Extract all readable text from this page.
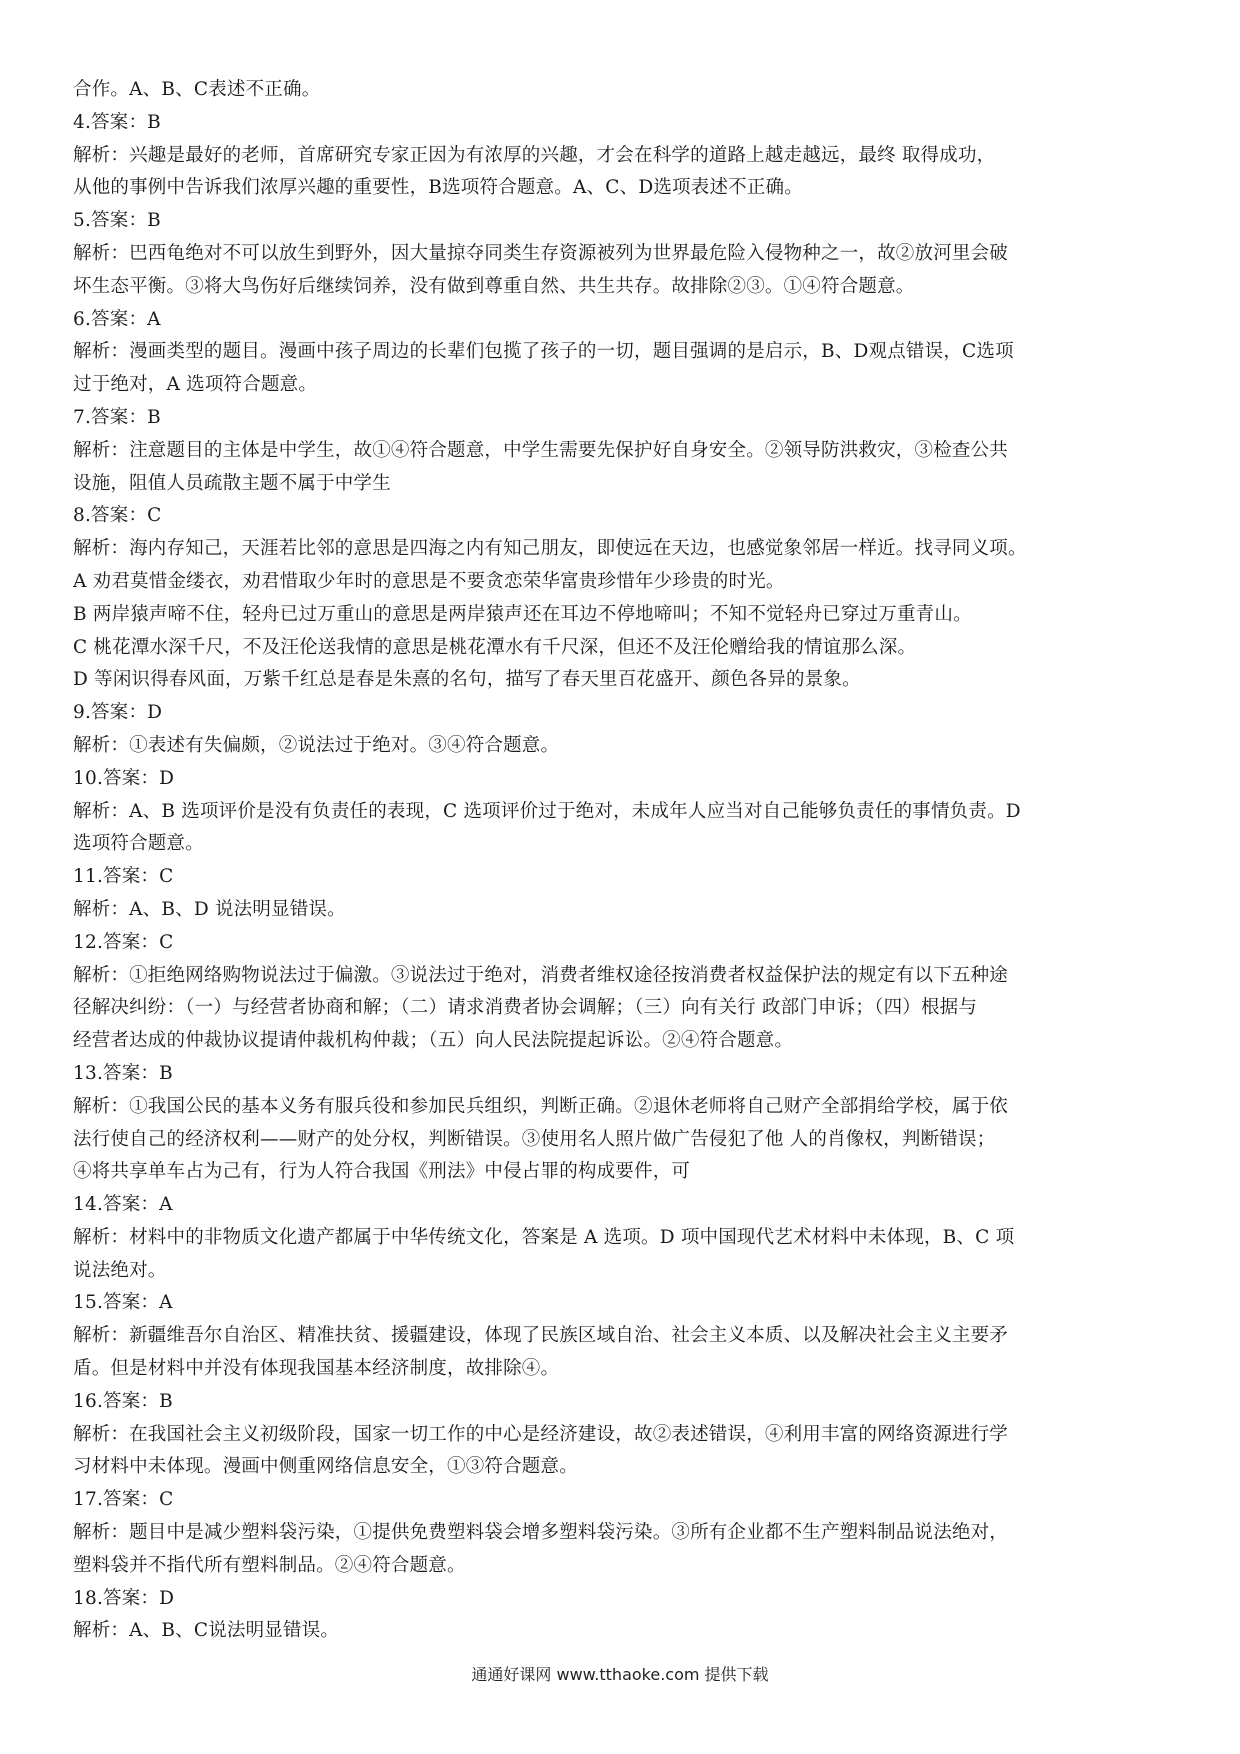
合作。A、B、C表述不正确。
4.答案：B
解析：兴趣是最好的老师，首席研究专家正因为有浓厚的兴趣，才会在科学的道路上越走越远，最终 取得成功，
从他的事例中告诉我们浓厚兴趣的重要性，B选项符合题意。A、C、D选项表述不正确。
5.答案：B
解析：巴西龟绝对不可以放生到野外，因大量掠夺同类生存资源被列为世界最危险入侵物种之一，故②放河里会破
坏生态平衡。③将大鸟伤好后继续饲养，没有做到尊重自然、共生共存。故排除②③。①④符合题意。
6.答案：A
解析：漫画类型的题目。漫画中孩子周边的长辈们包揽了孩子的一切，题目强调的是启示，B、D观点错误，C选项
过于绝对，A 选项符合题意。
7.答案：B
解析：注意题目的主体是中学生，故①④符合题意，中学生需要先保护好自身安全。②领导防洪救灾，③检查公共
设施，阻值人员疏散主题不属于中学生
8.答案：C
解析：海内存知己，天涯若比邻的意思是四海之内有知己朋友，即使远在天边，也感觉象邻居一样近。找寻同义项。
A 劝君莫惜金缕衣，劝君惜取少年时的意思是不要贪恋荣华富贵珍惜年少珍贵的时光。
B 两岸猿声啼不住，轻舟已过万重山的意思是两岸猿声还在耳边不停地啼叫；不知不觉轻舟已穿过万重青山。
C 桃花潭水深千尺，不及汪伦送我情的意思是桃花潭水有千尺深，但还不及汪伦赠给我的情谊那么深。
D 等闲识得春风面，万紫千红总是春是朱熹的名句，描写了春天里百花盛开、颜色各异的景象。
9.答案：D
解析：①表述有失偏颇，②说法过于绝对。③④符合题意。
10.答案：D
解析：A、B 选项评价是没有负责任的表现，C 选项评价过于绝对，未成年人应当对自己能够负责任的事情负责。D
选项符合题意。
11.答案：C
解析：A、B、D 说法明显错误。
12.答案：C
解析：①拒绝网络购物说法过于偏激。③说法过于绝对，消费者维权途径按消费者权益保护法的规定有以下五种途
径解决纠纷：（一）与经营者协商和解；（二）请求消费者协会调解；（三）向有关行 政部门申诉；（四）根据与
经营者达成的仲裁协议提请仲裁机构仲裁；（五）向人民法院提起诉讼。②④符合题意。
13.答案：B
解析：①我国公民的基本义务有服兵役和参加民兵组织，判断正确。②退休老师将自己财产全部捐给学校，属于依
法行使自己的经济权利——财产的处分权，判断错误。③使用名人照片做广告侵犯了他 人的肖像权，判断错误；
④将共享单车占为己有，行为人符合我国《刑法》中侵占罪的构成要件，可
14.答案：A
解析：材料中的非物质文化遗产都属于中华传统文化，答案是 A 选项。D 项中国现代艺术材料中未体现，B、C 项
说法绝对。
15.答案：A
解析：新疆维吾尔自治区、精准扶贫、援疆建设，体现了民族区域自治、社会主义本质、以及解决社会主义主要矛
盾。但是材料中并没有体现我国基本经济制度，故排除④。
16.答案：B
解析：在我国社会主义初级阶段，国家一切工作的中心是经济建设，故②表述错误，④利用丰富的网络资源进行学
习材料中未体现。漫画中侧重网络信息安全，①③符合题意。
17.答案：C
解析：题目中是减少塑料袋污染，①提供免费塑料袋会增多塑料袋污染。③所有企业都不生产塑料制品说法绝对，
塑料袋并不指代所有塑料制品。②④符合题意。
18.答案：D
解析：A、B、C说法明显错误。
通通好课网 www.tthaoke.com 提供下载
